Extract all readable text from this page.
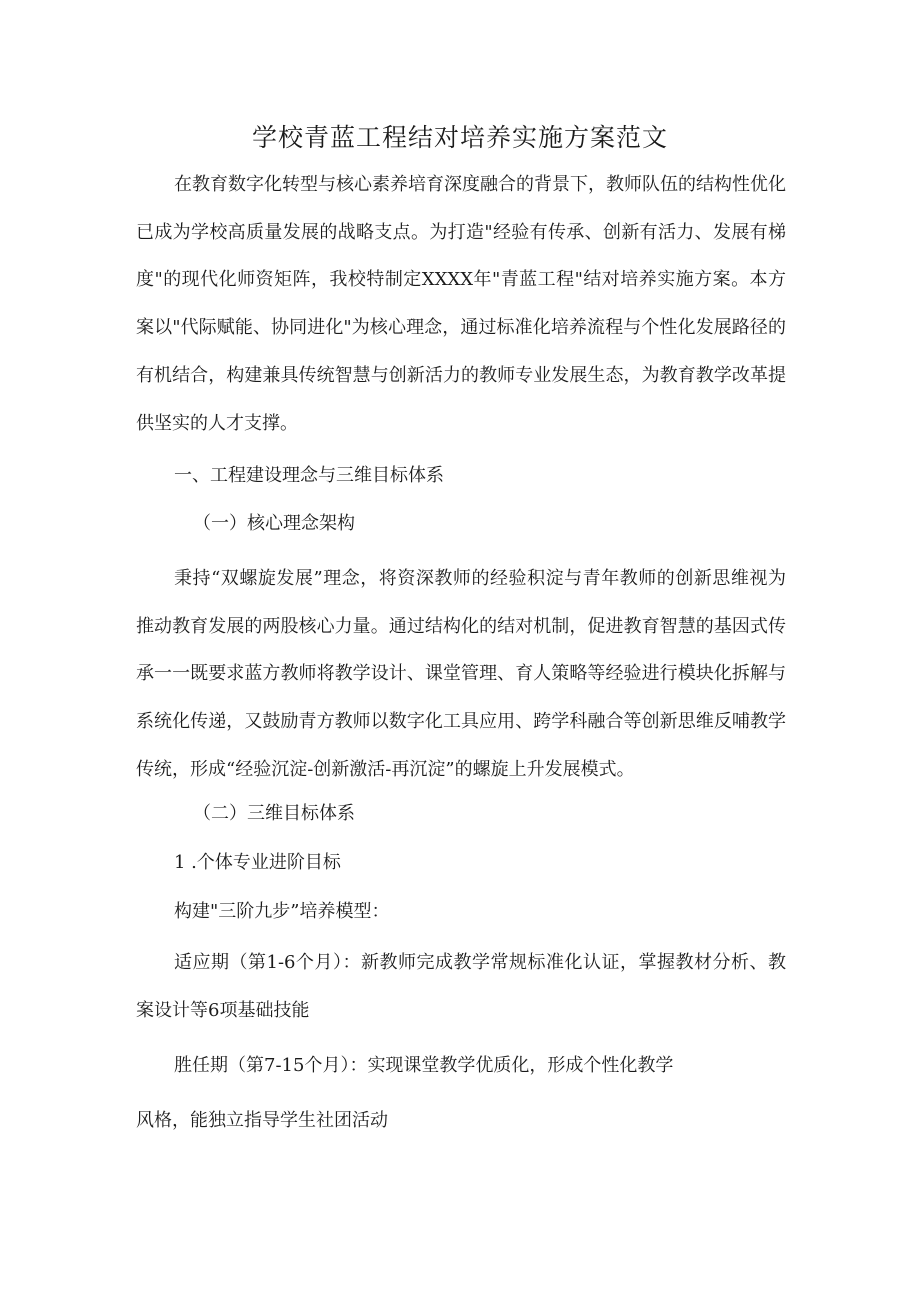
学校青蓝工程结对培养实施方案范文

在教育数字化转型与核心素养培育深度融合的背景下，教师队伍的结构性优化已成为学校高质量发展的战略支点。为打造"经验有传承、创新有活力、发展有梯度"的现代化师资矩阵，我校特制定XXXX年"青蓝工程"结对培养实施方案。本方案以"代际赋能、协同进化"为核心理念，通过标准化培养流程与个性化发展路径的有机结合，构建兼具传统智慧与创新活力的教师专业发展生态，为教育教学改革提供坚实的人才支撑。

一、工程建设理念与三维目标体系

（一）核心理念架构

秉持“双螺旋发展”理念，将资深教师的经验积淀与青年教师的创新思维视为推动教育发展的两股核心力量。通过结构化的结对机制，促进教育智慧的基因式传承一一既要求蓝方教师将教学设计、课堂管理、育人策略等经验进行模块化拆解与系统化传递，又鼓励青方教师以数字化工具应用、跨学科融合等创新思维反哺教学传统，形成“经验沉淀-创新激活-再沉淀”的螺旋上升发展模式。

（二）三维目标体系

1 .个体专业进阶目标

构建"三阶九步”培养模型：

适应期（第1-6个月）：新教师完成教学常规标准化认证，掌握教材分析、教案设计等6项基础技能

胜任期（第7-15个月）：实现课堂教学优质化，形成个性化教学

风格，能独立指导学生社团活动
